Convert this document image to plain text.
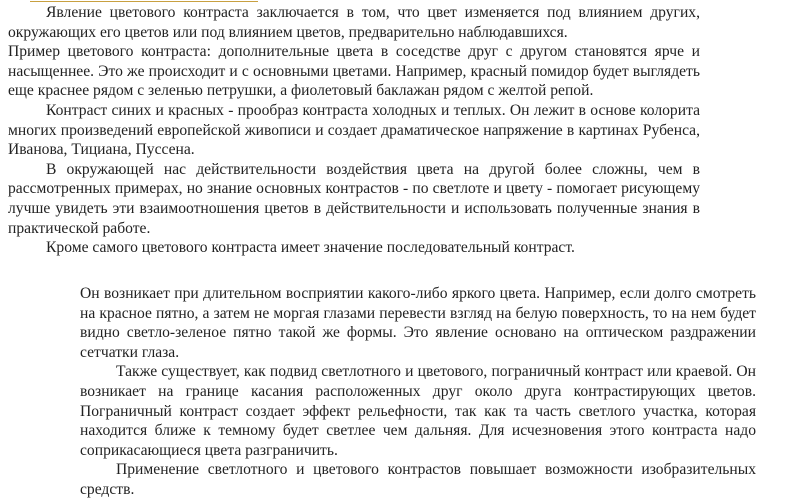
Явление цветового контраста заключается в том, что цвет изменяется под влиянием других, окружающих его цветов или под влиянием цветов, предварительно наблюдавшихся.

Пример цветового контраста: дополнительные цвета в соседстве друг с другом становятся ярче и насыщеннее. Это же происходит и с основными цветами. Например, красный помидор будет выглядеть еще краснее рядом с зеленью петрушки, а фиолетовый баклажан рядом с желтой репой.

Контраст синих и красных - прообраз контраста холодных и теплых. Он лежит в основе колорита многих произведений европейской живописи и создает драматическое напряжение в картинах Рубенса, Иванова, Тициана, Пуссена.

В окружающей нас действительности воздействия цвета на другой более сложны, чем в рассмотренных примерах, но знание основных контрастов - по светлоте и цвету - помогает рисующему лучше увидеть эти взаимоотношения цветов в действительности и использовать полученные знания в практической работе.

Кроме самого цветового контраста имеет значение последовательный контраст.

Он возникает при длительном восприятии какого-либо яркого цвета. Например, если долго смотреть на красное пятно, а затем не моргая глазами перевести взгляд на белую поверхность, то на нем будет видно светло-зеленое пятно такой же формы. Это явление основано на оптическом раздражении сетчатки глаза.

Также существует, как подвид светлотного и цветового, пограничный контраст или краевой. Он возникает на границе касания расположенных друг около друга контрастирующих цветов. Пограничный контраст создает эффект рельефности, так как та часть светлого участка, которая находится ближе к темному будет светлее чем дальняя. Для исчезновения этого контраста надо соприкасающиеся цвета разграничить.

Применение светлотного и цветового контрастов повышает возможности изобразительных средств.
